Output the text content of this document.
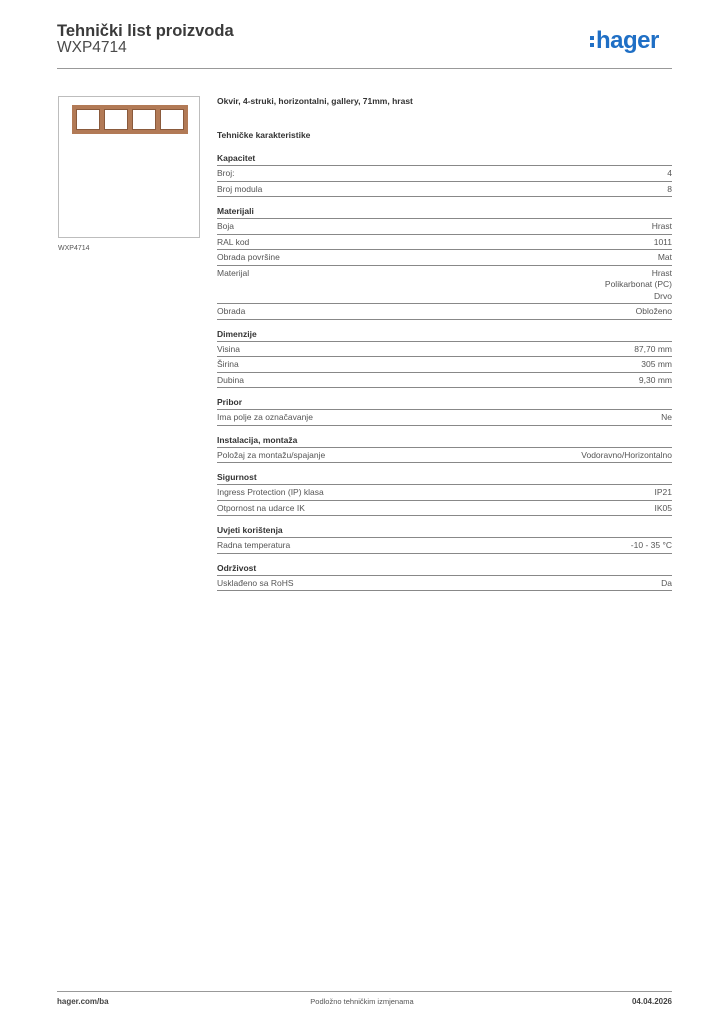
Tehnički list proizvoda
WXP4714	hager
WXP4714
Okvir, 4-struki, horizontalni, gallery, 71mm, hrast
Tehničke karakteristike
Kapacitet
Broj:	4
Broj modula	8
Materijali
Boja	Hrast
RAL kod	1011
Obrada površine	Mat
Materijal	Hrast
Polikarbonat (PC)
Drvo
Obrada	Obloženo
Dimenzije
Visina	87,70 mm
Širina	305 mm
Dubina	9,30 mm
Pribor
Ima polje za označavanje	Ne
Instalacija, montaža
Položaj za montažu/spajanje	Vodoravno/Horizontalno
Sigurnost
Ingress Protection (IP) klasa	IP21
Otpornost na udarce IK	IK05
Uvjeti korištenja
Radna temperatura	-10 - 35 °C
Održivost
Usklađeno sa RoHS	Da
hager.com/ba	Podložno tehničkim izmjenama	04.04.2026
